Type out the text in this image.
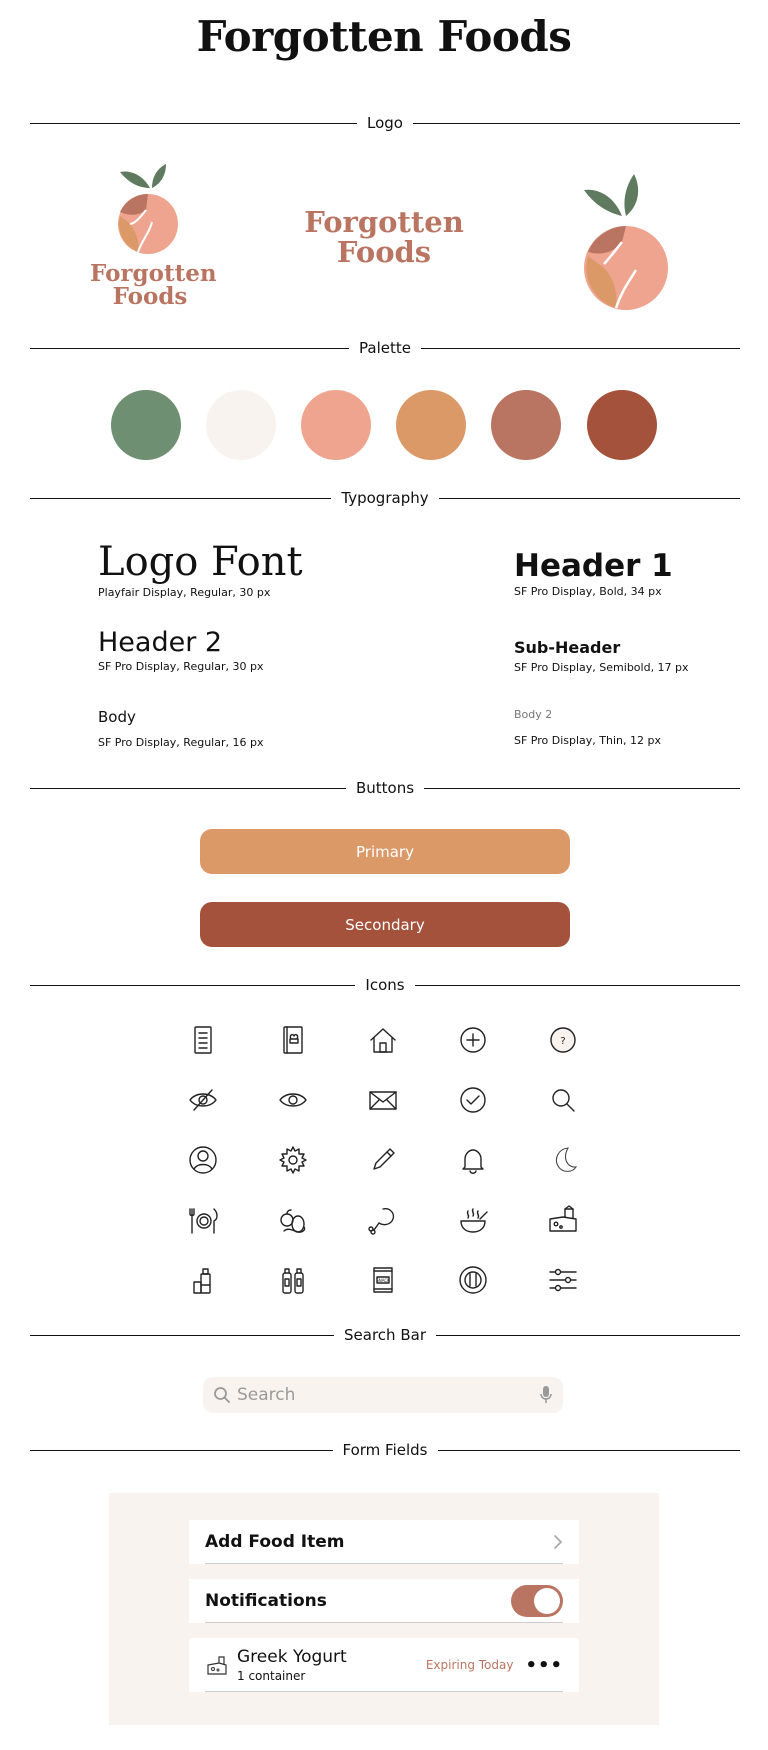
Forgotten Foods
Logo
Forgotten
Foods
Forgotten
Foods
Palette
Typography
Logo Font
Playfair Display, Regular, 30 px
Header 1
SF Pro Display, Bold, 34 px
Header 2
SF Pro Display, Regular, 30 px
Sub-Header
SF Pro Display, Semibold, 17 px
Body
SF Pro Display, Regular, 16 px
Body 2
SF Pro Display, Thin, 12 px
Buttons
Primary
Secondary
Icons
?
SNACK
Search Bar
Search
Form Fields
Add Food Item
Notifications
Greek Yogurt
1 container
Expiring Today •••
